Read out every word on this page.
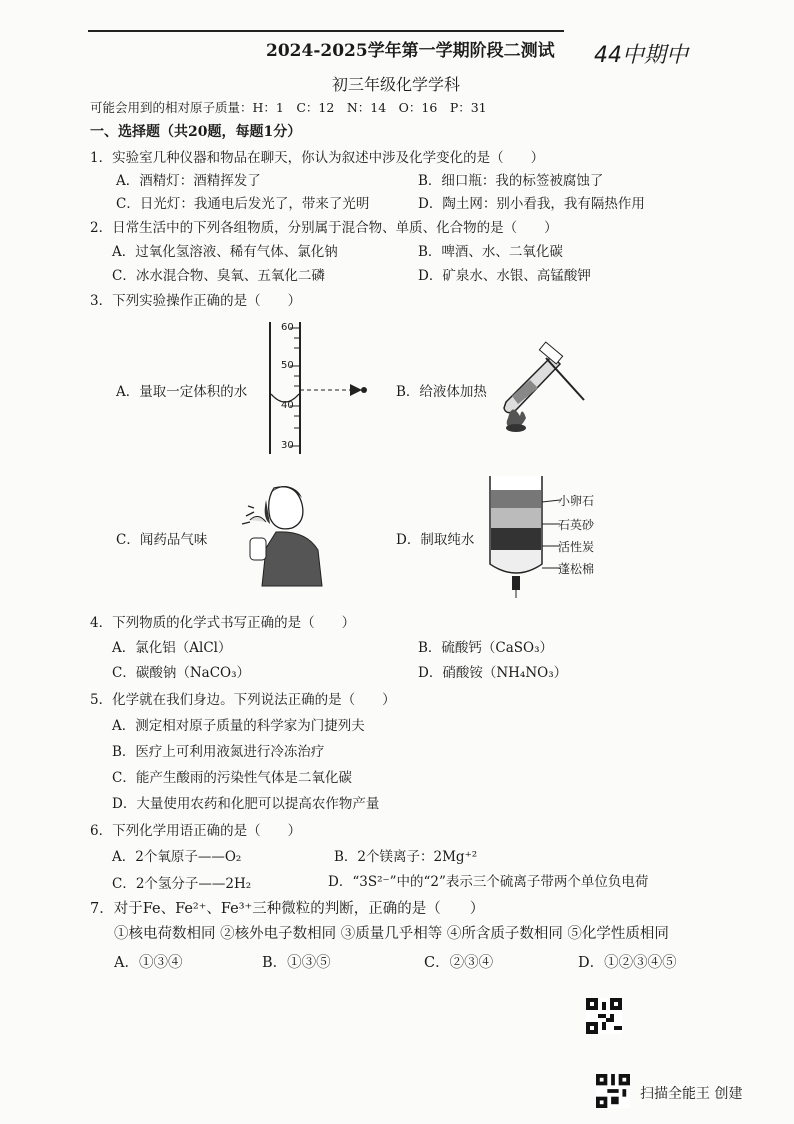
2024-2025学年第一学期阶段二测试 44中期中
初三年级化学学科
可能会用到的相对原子质量：H：1　C：12　N：14　O：16　P：31
一、选择题（共20题，每题1分）
1．实验室几种仪器和物品在聊天，你认为叙述中涉及化学变化的是（　　）
A．酒精灯：酒精挥发了	B．细口瓶：我的标签被腐蚀了
C．日光灯：我通电后发光了，带来了光明	D．陶土网：别小看我，我有隔热作用
2．日常生活中的下列各组物质，分别属于混合物、单质、化合物的是（　　）
A．过氧化氢溶液、稀有气体、氯化钠	B．啤酒、水、二氧化碳
C．冰水混合物、臭氧、五氧化二磷	D．矿泉水、水银、高锰酸钾
3．下列实验操作正确的是（　　）
A．量取一定体积的水
60
50
40
30
B．给液体加热
C．闻药品气味	D．制取纯水
小卵石
石英砂
活性炭
蓬松棉
4．下列物质的化学式书写正确的是（　　）
A．氯化铝（AlCl）	B．硫酸钙（CaSO₃）
C．碳酸钠（NaCO₃）	D．硝酸铵（NH₄NO₃）
5．化学就在我们身边。下列说法正确的是（　　）
A．测定相对原子质量的科学家为门捷列夫
B．医疗上可利用液氮进行冷冻治疗
C．能产生酸雨的污染性气体是二氧化碳
D．大量使用农药和化肥可以提高农作物产量
6．下列化学用语正确的是（　　）
A．2个氧原子——O₂	B．2个镁离子：2Mg⁺²
C．2个氢分子——2H₂	D．“3S²⁻”中的“2”表示三个硫离子带两个单位负电荷
7．对于Fe、Fe²⁺、Fe³⁺三种微粒的判断，正确的是（　　）
①核电荷数相同 ②核外电子数相同 ③质量几乎相等 ④所含质子数相同 ⑤化学性质相同
A．①③④	B．①③⑤	C．②③④	D．①②③④⑤
扫描全能王 创建
